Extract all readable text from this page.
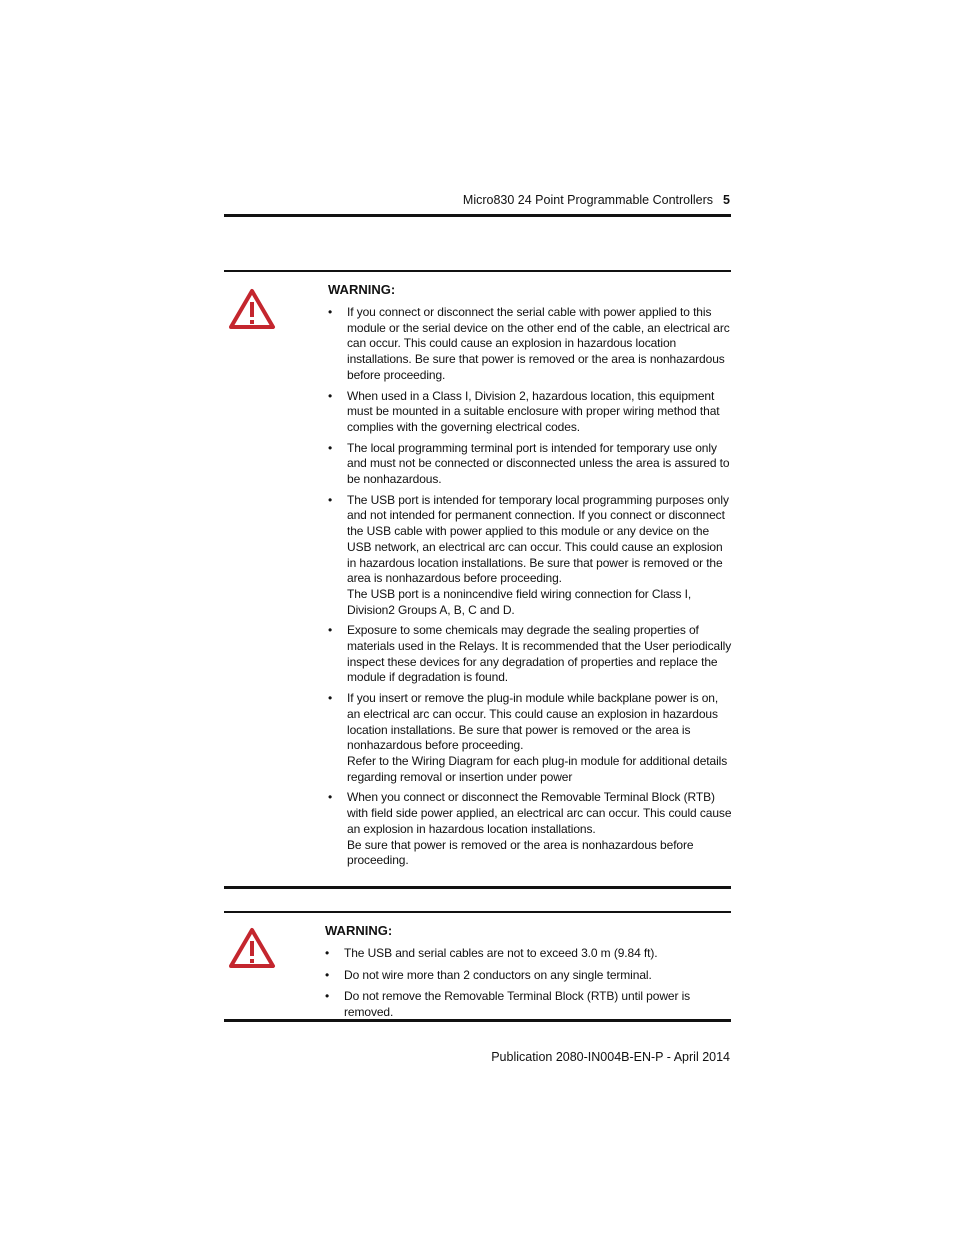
Micro830 24 Point Programmable Controllers 5

WARNING:

• If you connect or disconnect the serial cable with power applied to this module or the serial device on the other end of the cable, an electrical arc can occur. This could cause an explosion in hazardous location installations. Be sure that power is removed or the area is nonhazardous before proceeding.
• When used in a Class I, Division 2, hazardous location, this equipment must be mounted in a suitable enclosure with proper wiring method that complies with the governing electrical codes.
• The local programming terminal port is intended for temporary use only and must not be connected or disconnected unless the area is assured to be nonhazardous.
• The USB port is intended for temporary local programming purposes only and not intended for permanent connection. If you connect or disconnect the USB cable with power applied to this module or any device on the USB network, an electrical arc can occur. This could cause an explosion in hazardous location installations. Be sure that power is removed or the area is nonhazardous before proceeding.
The USB port is a nonincendive field wiring connection for Class I, Division2 Groups A, B, C and D.
• Exposure to some chemicals may degrade the sealing properties of materials used in the Relays. It is recommended that the User periodically inspect these devices for any degradation of properties and replace the module if degradation is found.
• If you insert or remove the plug-in module while backplane power is on, an electrical arc can occur. This could cause an explosion in hazardous location installations. Be sure that power is removed or the area is nonhazardous before proceeding.
Refer to the Wiring Diagram for each plug-in module for additional details regarding removal or insertion under power
• When you connect or disconnect the Removable Terminal Block (RTB) with field side power applied, an electrical arc can occur. This could cause an explosion in hazardous location installations.
Be sure that power is removed or the area is nonhazardous before proceeding.

WARNING:

• The USB and serial cables are not to exceed 3.0 m (9.84 ft).
• Do not wire more than 2 conductors on any single terminal.
• Do not remove the Removable Terminal Block (RTB) until power is removed.
Publication 2080-IN004B-EN-P - April 2014
